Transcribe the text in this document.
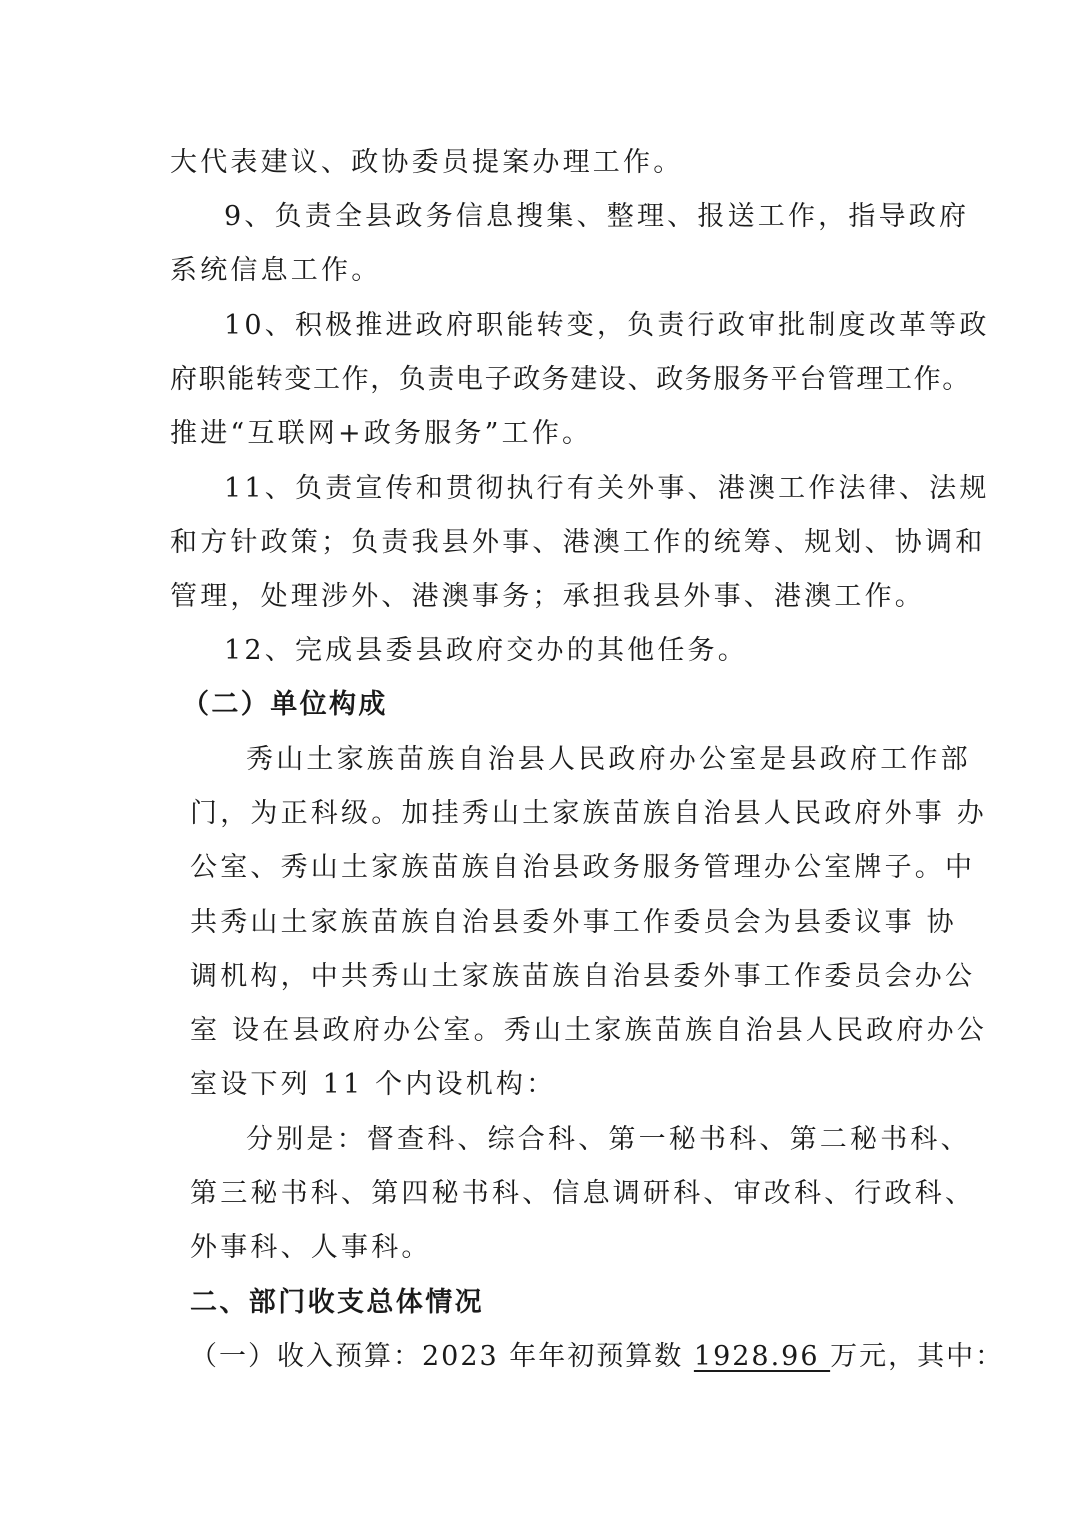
大代表建议、政协委员提案办理工作。
9、负责全县政务信息搜集、整理、报送工作，指导政府
系统信息工作。
10、积极推进政府职能转变，负责行政审批制度改革等政
府职能转变工作，负责电子政务建设、政务服务平台管理工作。
推进“互联网+政务服务”工作。
11、负责宣传和贯彻执行有关外事、港澳工作法律、法规
和方针政策；负责我县外事、港澳工作的统筹、规划、协调和
管理，处理涉外、港澳事务；承担我县外事、港澳工作。
12、完成县委县政府交办的其他任务。
（二）单位构成
秀山土家族苗族自治县人民政府办公室是县政府工作部
门，为正科级。加挂秀山土家族苗族自治县人民政府外事 办
公室、秀山土家族苗族自治县政务服务管理办公室牌子。中
共秀山土家族苗族自治县委外事工作委员会为县委议事 协
调机构，中共秀山土家族苗族自治县委外事工作委员会办公
室 设在县政府办公室。秀山土家族苗族自治县人民政府办公
室设下列 11 个内设机构：
分别是：督查科、综合科、第一秘书科、第二秘书科、
第三秘书科、第四秘书科、信息调研科、审改科、行政科、
外事科、人事科。
二、部门收支总体情况
（一）收入预算：2023 年年初预算数 1928.96 万元，其中：
